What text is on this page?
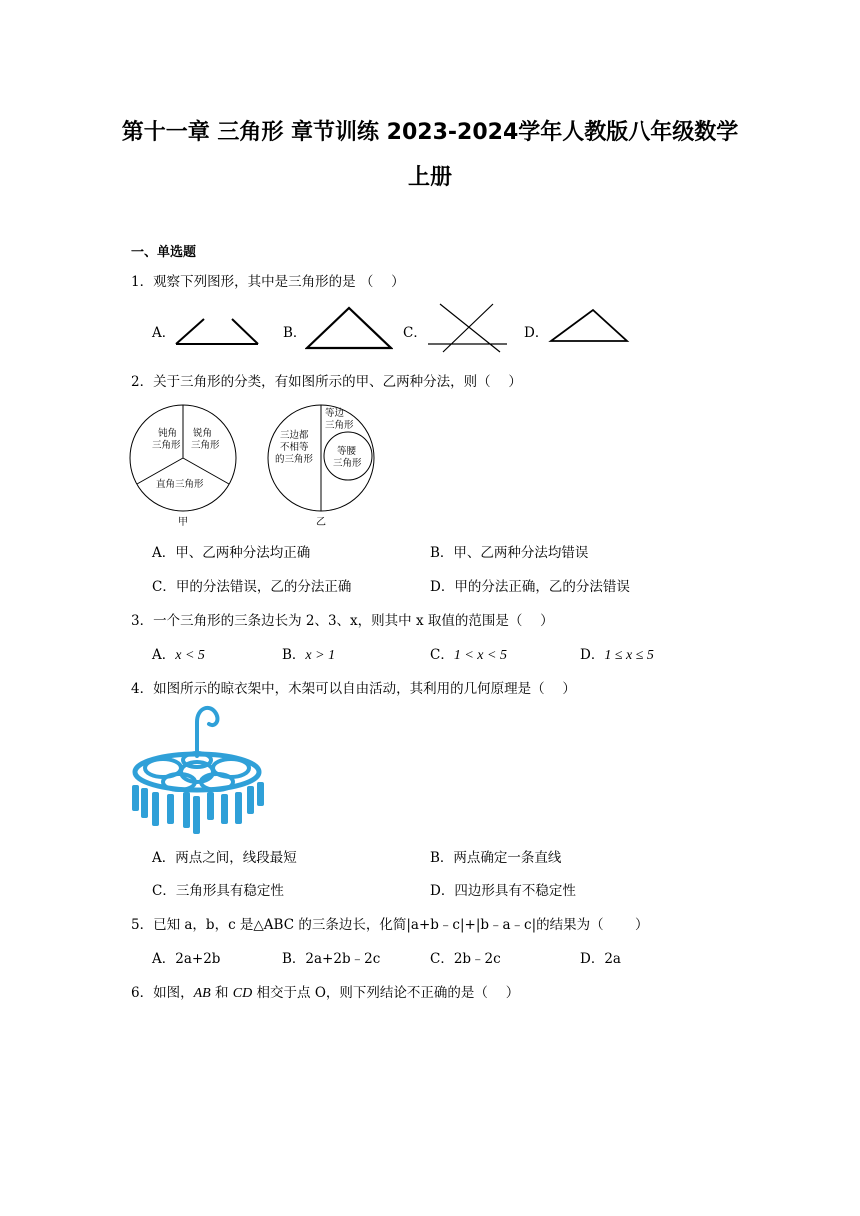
第十一章 三角形 章节训练 2023-2024学年人教版八年级数学
上册
一、单选题
1．观察下列图形，其中是三角形的是 （　 ）
A．	B．	C．	D．
2．关于三角形的分类，有如图所示的甲、乙两种分法，则（　 ）
钝角
三角形
锐角
三角形
直角三角形
三边都
不相等
的三角形
等边
三角形
等腰
三角形
甲	乙
A．甲、乙两种分法均正确	B．甲、乙两种分法均错误
C．甲的分法错误，乙的分法正确	D．甲的分法正确，乙的分法错误
3．一个三角形的三条边长为 2、3、x，则其中 x 取值的范围是（　 ）
A．x < 5	B．x > 1	C．1 < x < 5	D．1 ≤ x ≤ 5
4．如图所示的晾衣架中，木架可以自由活动，其利用的几何原理是（　 ）
A．两点之间，线段最短	B．两点确定一条直线
C．三角形具有稳定性	D．四边形具有不稳定性
5．已知 a，b，c 是△ABC 的三条边长，化简|a+b﹣c|+|b﹣a﹣c|的结果为（　　 ）
A．2a+2b	B．2a+2b﹣2c	C．2b﹣2c	D．2a
6．如图，AB 和 CD 相交于点 O，则下列结论不正确的是（　 ）
